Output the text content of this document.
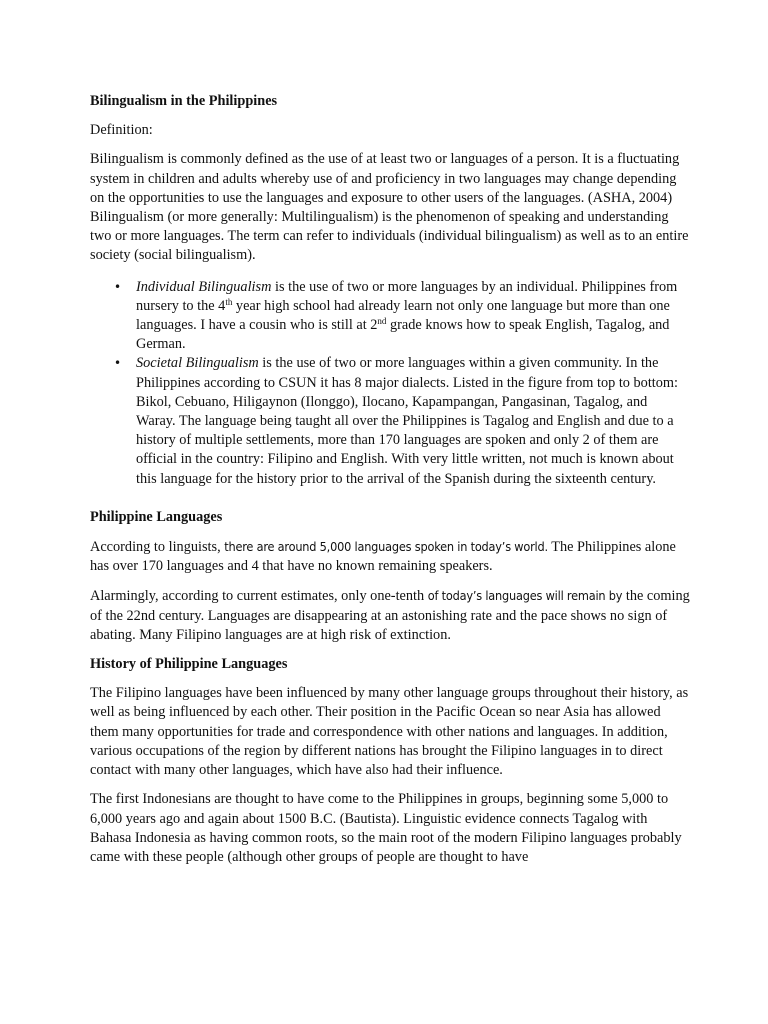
Bilingualism in the Philippines

Definition:

Bilingualism is commonly defined as the use of at least two or languages of a person. It is a fluctuating system in children and adults whereby use of and proficiency in two languages may change depending on the opportunities to use the languages and exposure to other users of the languages. (ASHA, 2004) Bilingualism (or more generally: Multilingualism) is the phenomenon of speaking and understanding two or more languages. The term can refer to individuals (individual bilingualism) as well as to an entire society (social bilingualism).

• Individual Bilingualism is the use of two or more languages by an individual. Philippines from nursery to the 4th year high school had already learn not only one language but more than one languages. I have a cousin who is still at 2nd grade knows how to speak English, Tagalog, and German.
• Societal Bilingualism is the use of two or more languages within a given community. In the Philippines according to CSUN it has 8 major dialects. Listed in the figure from top to bottom: Bikol, Cebuano, Hiligaynon (Ilonggo), Ilocano, Kapampangan, Pangasinan, Tagalog, and Waray. The language being taught all over the Philippines is Tagalog and English and due to a history of multiple settlements, more than 170 languages are spoken and only 2 of them are official in the country: Filipino and English. With very little written, not much is known about this language for the history prior to the arrival of the Spanish during the sixteenth century.

Philippine Languages

According to linguists, there are around 5,000 languages spoken in today’s world. The Philippines alone has over 170 languages and 4 that have no known remaining speakers.

Alarmingly, according to current estimates, only one-tenth of today’s languages will remain by the coming of the 22nd century. Languages are disappearing at an astonishing rate and the pace shows no sign of abating. Many Filipino languages are at high risk of extinction.

History of Philippine Languages

The Filipino languages have been influenced by many other language groups throughout their history, as well as being influenced by each other. Their position in the Pacific Ocean so near Asia has allowed them many opportunities for trade and correspondence with other nations and languages. In addition, various occupations of the region by different nations has brought the Filipino languages in to direct contact with many other languages, which have also had their influence.

The first Indonesians are thought to have come to the Philippines in groups, beginning some 5,000 to 6,000 years ago and again about 1500 B.C. (Bautista). Linguistic evidence connects Tagalog with Bahasa Indonesia as having common roots, so the main root of the modern Filipino languages probably came with these people (although other groups of people are thought to have
